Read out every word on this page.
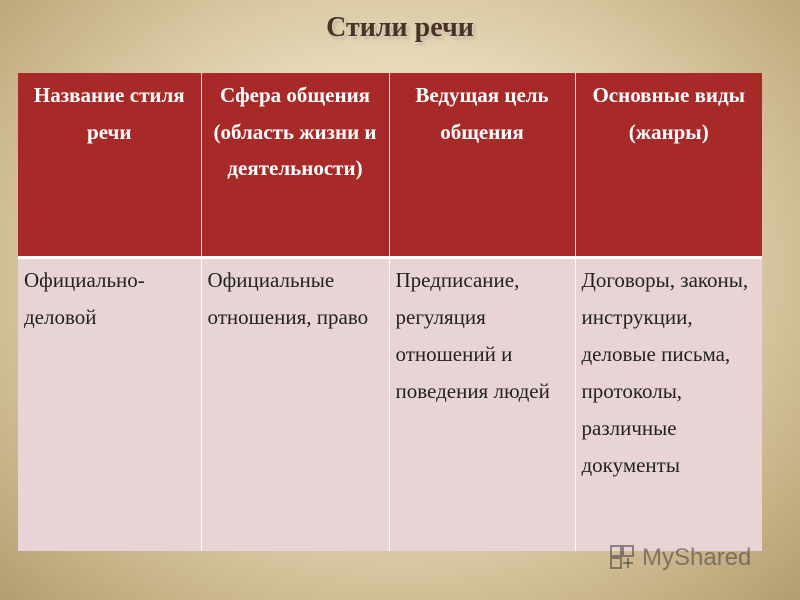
Стили речи
Название стиля речи	Сфера общения (область жизни и деятельности)	Ведущая цель общения	Основные виды (жанры)
Официально-деловой	Официальные отношения, право	Предписание, регуляция отношений и поведения людей	Договоры, законы, инструкции, деловые письма, протоколы, различные документы
MyShared
